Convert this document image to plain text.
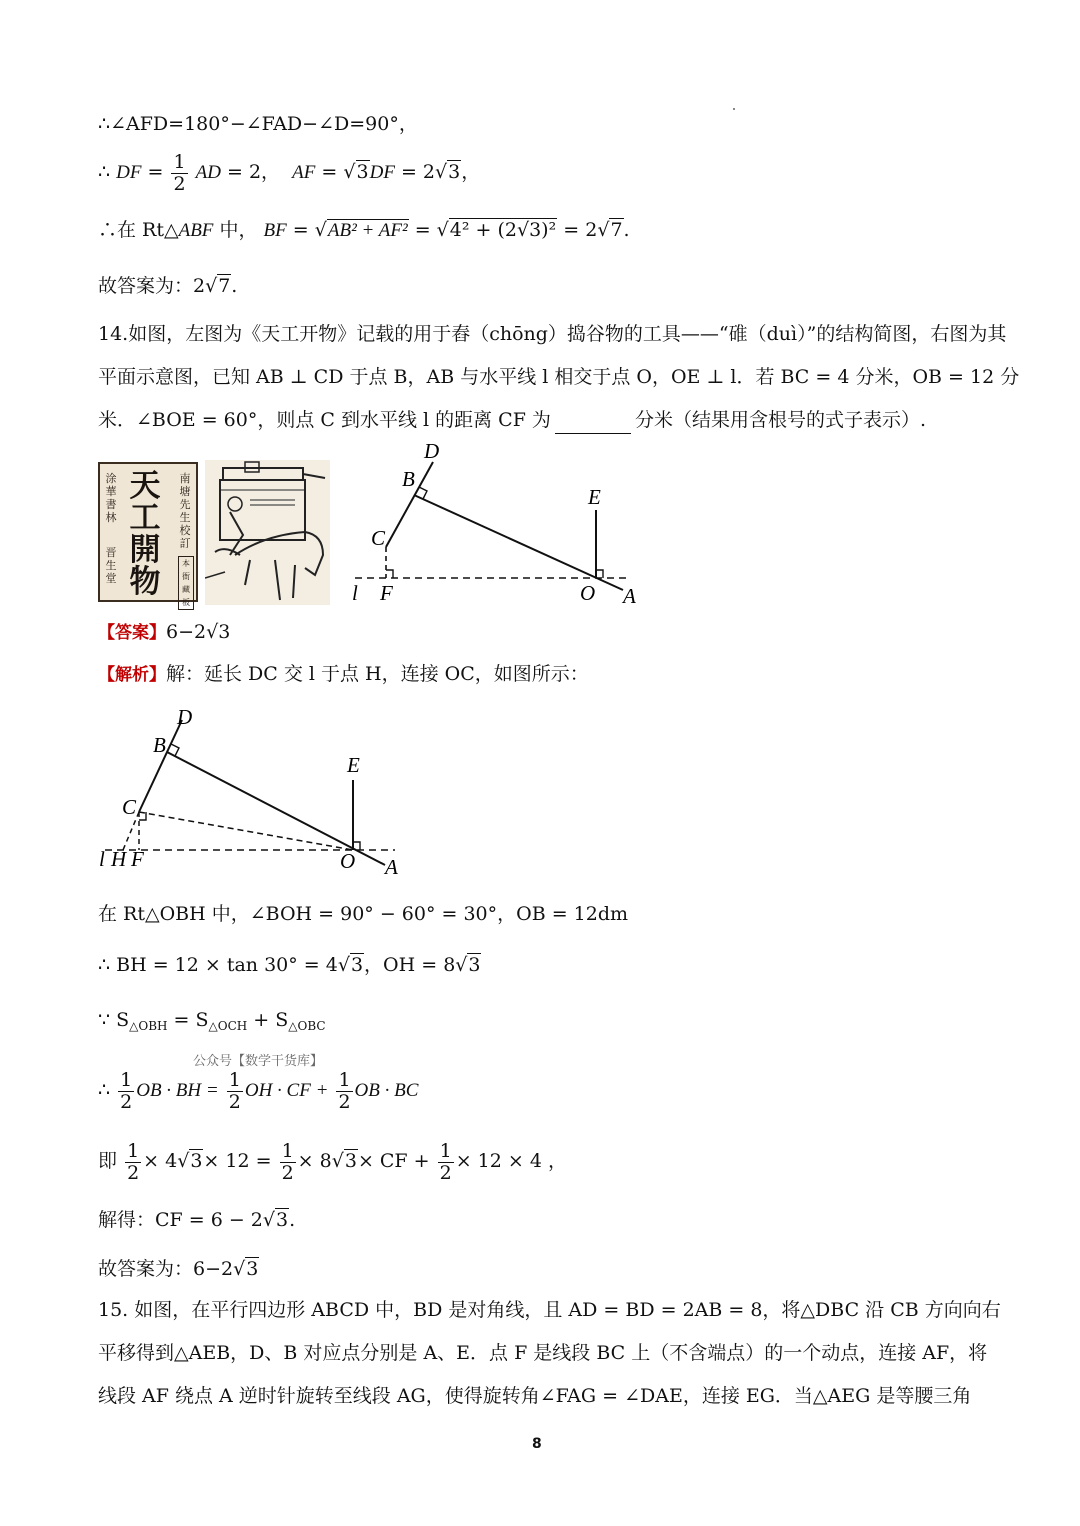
∴∠AFD=180°−∠FAD−∠D=90°，
∴ DF = $\frac{1}{2}$ AD = 2， AF = √3DF = 2√3，
∴在 Rt△ABF 中， BF = √AB² + AF² = √4² + (2√3)² = 2√7.
故答案为：2√7.
14.如图，左图为《天工开物》记载的用于舂（chōng）捣谷物的工具——“碓（duì）”的结构简图，右图为其
平面示意图，已知 AB ⊥ CD 于点 B，AB 与水平线 l 相交于点 O，OE ⊥ l．若 BC = 4 分米，OB = 12 分
米．∠BOE = 60°，则点 C 到水平线 l 的距离 CF 为	分米（结果用含根号的式子表示）.
涂華書林
晋生堂
天工開物
南塘先生校訂
本衙藏板
D
B
C
E
l F	O A
【答案】6−2√3
【解析】解：延长 DC 交 l 于点 H，连接 OC，如图所示：
D
B
C
E
l H F	O A
在 Rt△OBH 中，∠BOH = 90° − 60° = 30°，OB = 12dm
∴ BH = 12 × tan 30° = 4√3，OH = 8√3
∵ $S_{\triangle OBH} = S_{\triangle OCH} + S_{\triangle OBC}$
公众号【数学干货库】
∴ $\frac{1}{2}$ OB · BH = $\frac{1}{2}$ OH · CF + $\frac{1}{2}$ OB · BC
即 $\frac{1}{2} \times 4√3\times 12 = \frac{1}{2} \times 8√3\times$ CF + $\frac{1}{2} \times 12 \times 4$ ，
解得：CF = 6 − 2√3.
故答案为：6−2√3
15. 如图，在平行四边形 ABCD 中，BD 是对角线，且 AD = BD = 2AB = 8，将△DBC 沿 CB 方向向右
平移得到△AEB，D、B 对应点分别是 A、E．点 F 是线段 BC 上（不含端点）的一个动点，连接 AF，将
线段 AF 绕点 A 逆时针旋转至线段 AG，使得旋转角∠FAG = ∠DAE，连接 EG．当△AEG 是等腰三角
8
